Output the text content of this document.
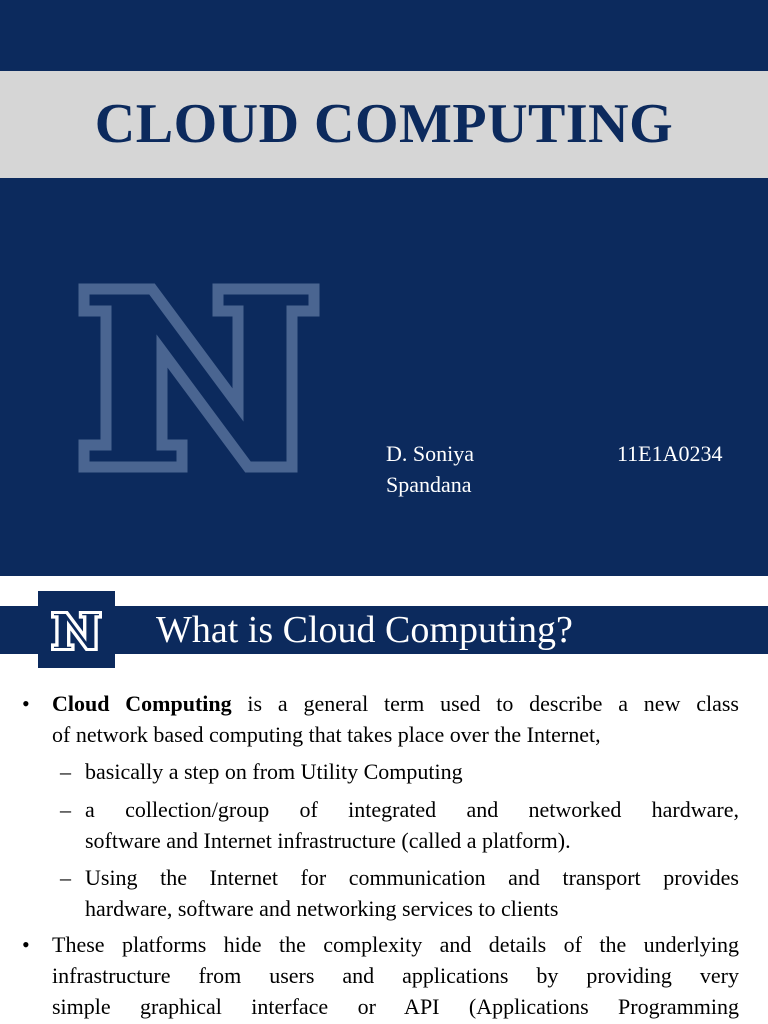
CLOUD COMPUTING
D. Soniya
Spandana
11E1A0234
What is Cloud Computing?
• Cloud Computing is a general term used to describe a new class

of network based computing that takes place over the Internet,

– basically a step on from Utility Computing

– a collection/group of integrated and networked hardware,

software and Internet infrastructure (called a platform).

– Using the Internet for communication and transport provides

hardware, software and networking services to clients

• These platforms hide the complexity and details of the underlying

infrastructure from users and applications by providing very

simple graphical interface or API (Applications Programming
